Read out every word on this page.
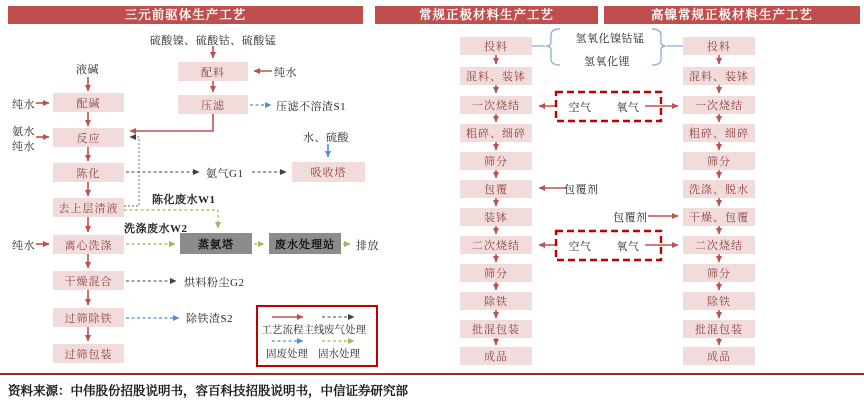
三元前驱体生产工艺	常规正极材料生产工艺	高镍常规正极材料生产工艺
资料来源：中伟股份招股说明书，容百科技招股说明书，中信证券研究部
配料
压滤
吸收塔
蒸氨塔	废水处理站
配碱
反应
陈化
去上层清液
离心洗涤
干燥混合
过筛除铁
过筛包装
投料
混料、装钵
一次烧结
粗碎、细碎
筛分
包覆
装钵
二次烧结
筛分
除铁
批混包装
成品
投料
混料、装钵
一次烧结
粗碎、细碎
筛分
洗涤、脱水
干燥、包覆
二次烧结
筛分
除铁
批混包装
成品
硫酸镍、硫酸钴、硫酸锰
纯水
液碱
纯水
氨水
纯水
压滤不溶渣S1
水、硫酸
氨气G1
陈化废水W1
洗涤废水W2
纯水	排放
烘料粉尘G2
除铁渣S2
氢氧化镍钴锰
氢氧化锂
空气	氧气
空气	氧气
包覆剂
包覆剂
工艺流程主线 废气处理
固废处理 固水处理
